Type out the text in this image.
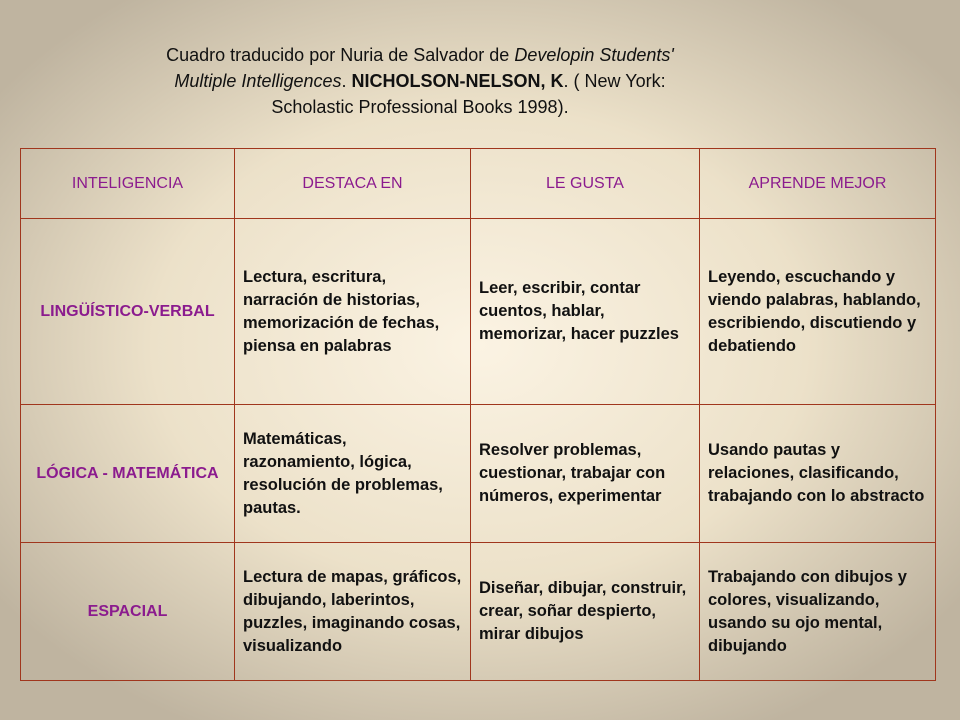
Cuadro traducido por Nuria de Salvador de Developin Students'
Multiple Intelligences. NICHOLSON-NELSON, K. ( New York:
Scholastic Professional Books 1998).
INTELIGENCIA	DESTACA EN	LE GUSTA	APRENDE MEJOR
LINGÜÍSTICO-VERBAL	Lectura, escritura, narración de historias, memorización de fechas, piensa en palabras	Leer, escribir, contar cuentos, hablar, memorizar, hacer puzzles	Leyendo, escuchando y viendo palabras, hablando, escribiendo, discutiendo y debatiendo
LÓGICA - MATEMÁTICA	Matemáticas, razonamiento, lógica, resolución de problemas, pautas.	Resolver problemas, cuestionar, trabajar con números, experimentar	Usando pautas y relaciones, clasificando, trabajando con lo abstracto
ESPACIAL	Lectura de mapas, gráficos, dibujando, laberintos, puzzles, imaginando cosas, visualizando	Diseñar, dibujar, construir, crear, soñar despierto, mirar dibujos	Trabajando con dibujos y colores, visualizando, usando su ojo mental, dibujando
